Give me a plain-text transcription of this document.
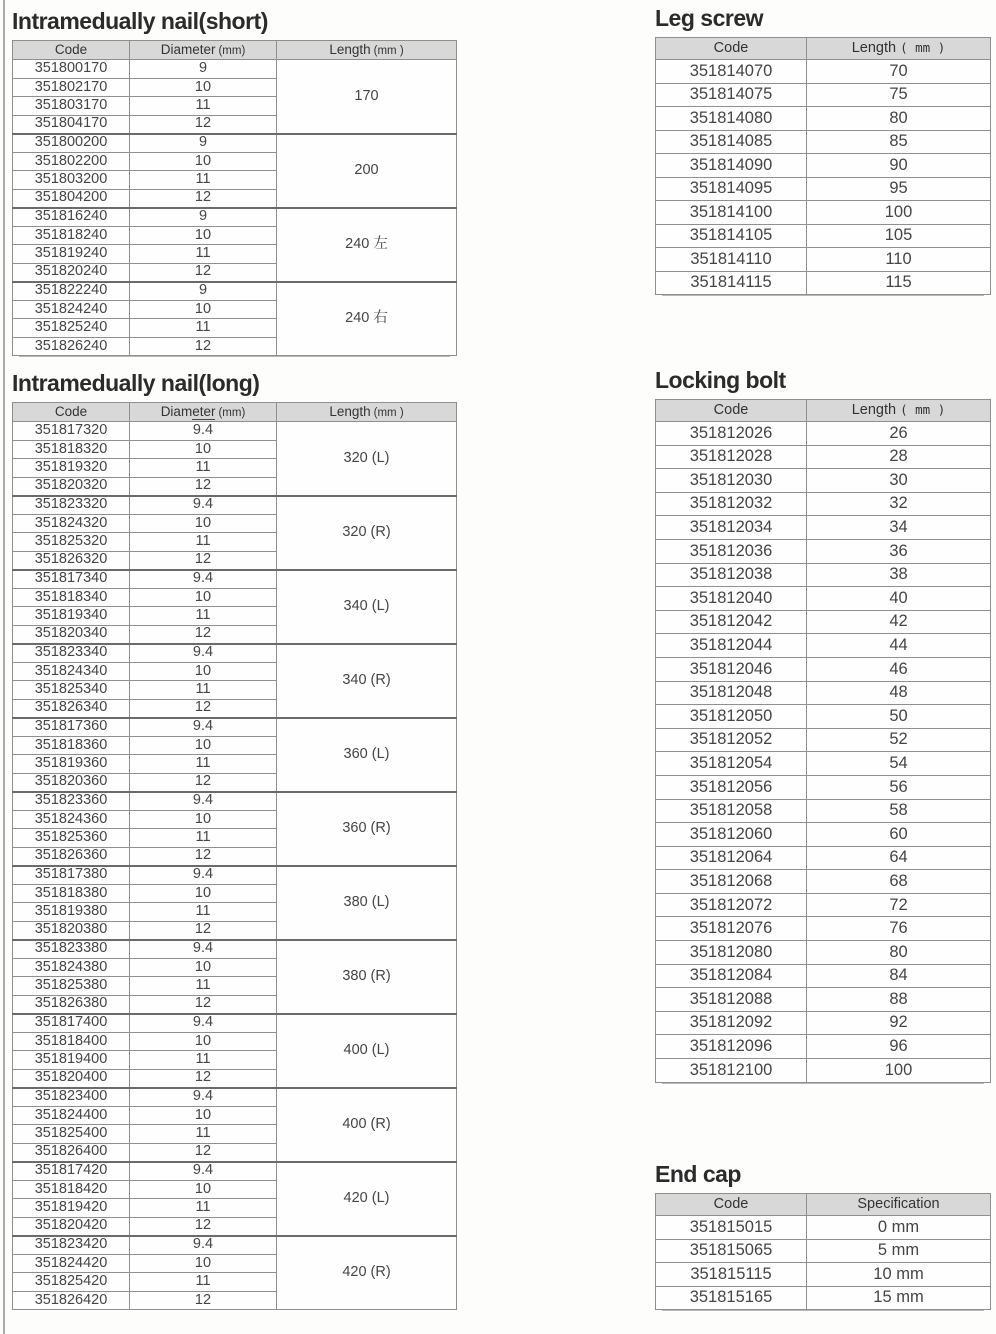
Intramedually nail(short)
Code	Diameter (mm)	Length (mm )
351800170	9	170
351802170	10	
351803170	11	
351804170	12	
351800200	9	200
351802200	10	
351803200	11	
351804200	12	
351816240	9	240 左
351818240	10	
351819240	11	
351820240	12	
351822240	9	240 右
351824240	10	
351825240	11	
351826240	12	
Intramedually nail(long)
Code	Diameter (mm)	Length (mm )
351817320	9.4	320 (L)
351818320	10	
351819320	11	
351820320	12	
351823320	9.4	320 (R)
351824320	10	
351825320	11	
351826320	12	
351817340	9.4	340 (L)
351818340	10	
351819340	11	
351820340	12	
351823340	9.4	340 (R)
351824340	10	
351825340	11	
351826340	12	
351817360	9.4	360 (L)
351818360	10	
351819360	11	
351820360	12	
351823360	9.4	360 (R)
351824360	10	
351825360	11	
351826360	12	
351817380	9.4	380 (L)
351818380	10	
351819380	11	
351820380	12	
351823380	9.4	380 (R)
351824380	10	
351825380	11	
351826380	12	
351817400	9.4	400 (L)
351818400	10	
351819400	11	
351820400	12	
351823400	9.4	400 (R)
351824400	10	
351825400	11	
351826400	12	
351817420	9.4	420 (L)
351818420	10	
351819420	11	
351820420	12	
351823420	9.4	420 (R)
351824420	10	
351825420	11	
351826420	12	
Leg screw
Code	Length ( mm )
351814070	70
351814075	75
351814080	80
351814085	85
351814090	90
351814095	95
351814100	100
351814105	105
351814110	110
351814115	115
Locking bolt
Code	Length ( mm )
351812026	26
351812028	28
351812030	30
351812032	32
351812034	34
351812036	36
351812038	38
351812040	40
351812042	42
351812044	44
351812046	46
351812048	48
351812050	50
351812052	52
351812054	54
351812056	56
351812058	58
351812060	60
351812064	64
351812068	68
351812072	72
351812076	76
351812080	80
351812084	84
351812088	88
351812092	92
351812096	96
351812100	100
End cap
Code	Specification
351815015	0 mm
351815065	5 mm
351815115	10 mm
351815165	15 mm
